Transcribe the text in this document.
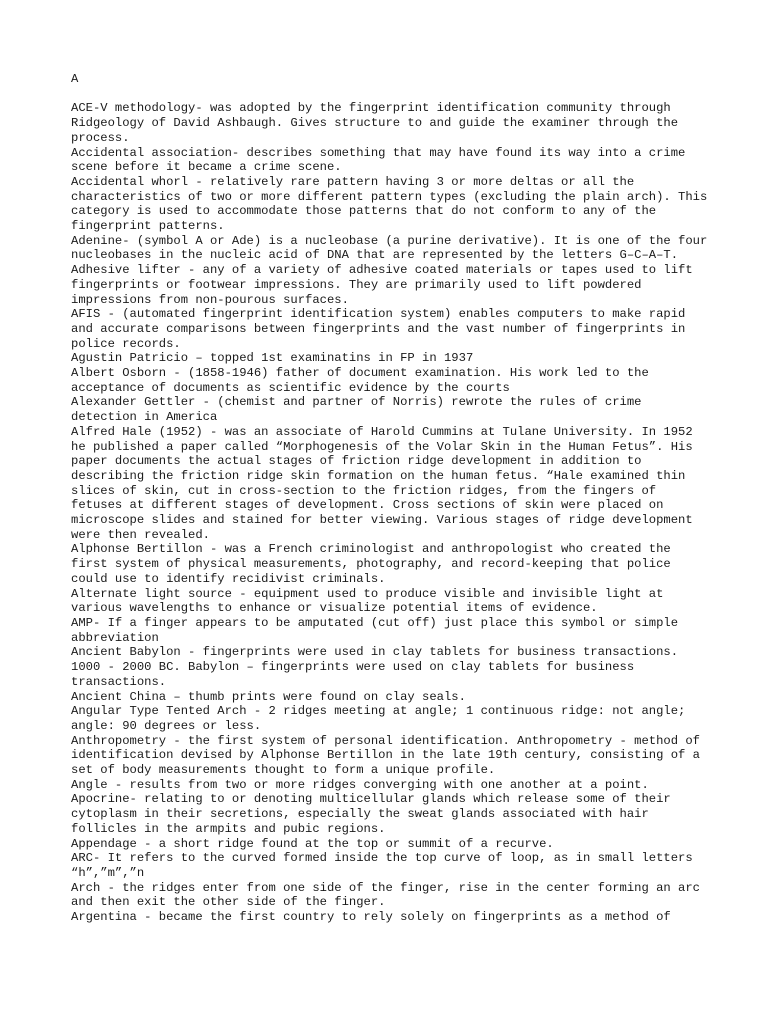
A

ACE-V methodology- was adopted by the fingerprint identification community through Ridgeology of David Ashbaugh. Gives structure to and guide the examiner through the process.

Accidental association- describes something that may have found its way into a crime scene before it became a crime scene.

Accidental whorl - relatively rare pattern having 3 or more deltas or all the characteristics of two or more different pattern types (excluding the plain arch). This category is used to accommodate those patterns that do not conform to any of the fingerprint patterns.

Adenine- (symbol A or Ade) is a nucleobase (a purine derivative). It is one of the four nucleobases in the nucleic acid of DNA that are represented by the letters G–C–A–T.

Adhesive lifter - any of a variety of adhesive coated materials or tapes used to lift fingerprints or footwear impressions. They are primarily used to lift powdered impressions from non-pourous surfaces.

AFIS - (automated fingerprint identification system) enables computers to make rapid and accurate comparisons between fingerprints and the vast number of fingerprints in police records.

Agustin Patricio – topped 1st examinatins in FP in 1937

Albert Osborn - (1858-1946) father of document examination. His work led to the acceptance of documents as scientific evidence by the courts

Alexander Gettler - (chemist and partner of Norris) rewrote the rules of crime detection in America

Alfred Hale (1952) - was an associate of Harold Cummins at Tulane University. In 1952 he published a paper called “Morphogenesis of the Volar Skin in the Human Fetus”. His paper documents the actual stages of friction ridge development in addition to describing the friction ridge skin formation on the human fetus. “Hale examined thin slices of skin, cut in cross-section to the friction ridges, from the fingers of fetuses at different stages of development. Cross sections of skin were placed on microscope slides and stained for better viewing. Various stages of ridge development were then revealed.

Alphonse Bertillon - was a French criminologist and anthropologist who created the first system of physical measurements, photography, and record-keeping that police could use to identify recidivist criminals.

Alternate light source - equipment used to produce visible and invisible light at various wavelengths to enhance or visualize potential items of evidence.

AMP- If a finger appears to be amputated (cut off) just place this symbol or simple abbreviation

Ancient Babylon - fingerprints were used in clay tablets for business transactions. 1000 - 2000 BC. Babylon – fingerprints were used on clay tablets for business transactions.

Ancient China – thumb prints were found on clay seals.

Angular Type Tented Arch - 2 ridges meeting at angle; 1 continuous ridge: not angle; angle: 90 degrees or less.

Anthropometry - the first system of personal identification. Anthropometry - method of identification devised by Alphonse Bertillon in the late 19th century, consisting of a set of body measurements thought to form a unique profile.

Angle - results from two or more ridges converging with one another at a point.

Apocrine- relating to or denoting multicellular glands which release some of their cytoplasm in their secretions, especially the sweat glands associated with hair follicles in the armpits and pubic regions.

Appendage - a short ridge found at the top or summit of a recurve.

ARC- It refers to the curved formed inside the top curve of loop, as in small letters “h”,”m”,”n

Arch - the ridges enter from one side of the finger, rise in the center forming an arc and then exit the other side of the finger.

Argentina - became the first country to rely solely on fingerprints as a method of
